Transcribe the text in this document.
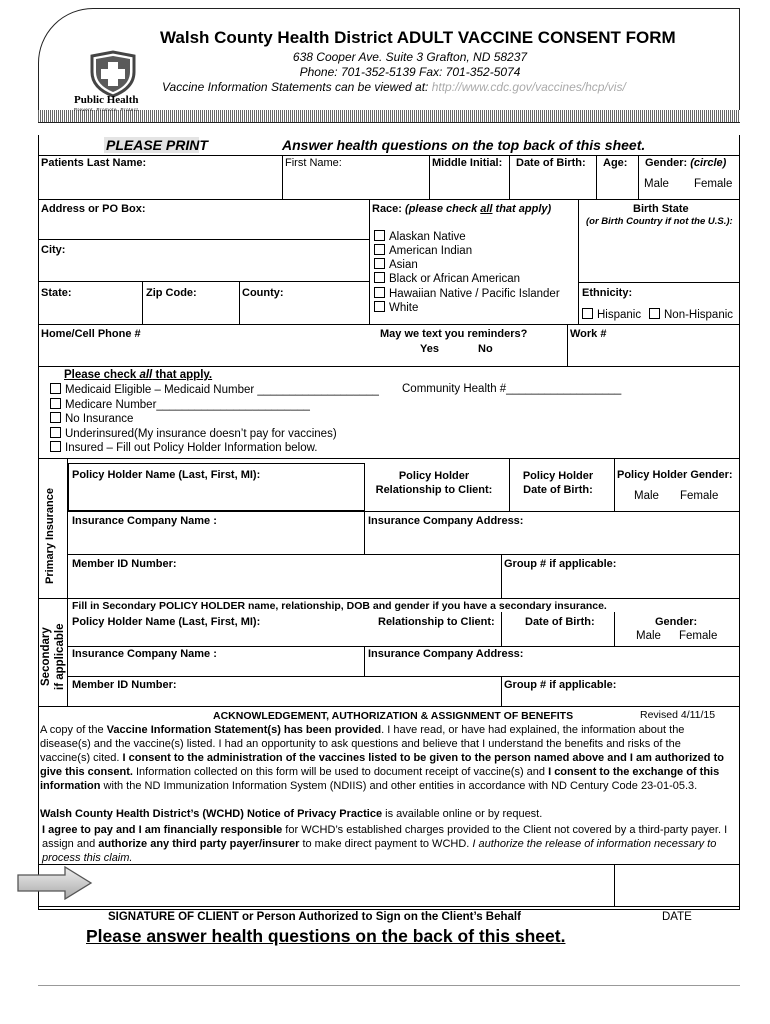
Public Health
Prevent. Promote. Protect.
Walsh County Health District ADULT VACCINE CONSENT FORM
638 Cooper Ave. Suite 3 Grafton, ND 58237
Phone: 701-352-5139 Fax: 701-352-5074
Vaccine Information Statements can be viewed at: http://www.cdc.gov/vaccines/hcp/vis/
PLEASE PRINT	Answer health questions on the top back of this sheet.
Patients Last Name:	First Name:	Middle Initial: Date of Birth: Age: Gender: (circle)
Male Female
Address or PO Box:
City:
State:	Zip Code:	County:
Race: (please check all that apply)
Alaskan Native
American Indian
Asian
Black or African American
Hawaiian Native / Pacific Islander
White
Birth State
(or Birth Country if not the U.S.):
Ethnicity:
Hispanic	Non-Hispanic
Home/Cell Phone #	May we text you reminders?
Yes	No
Work #
Please check all that apply.
Medicaid Eligible – Medicaid Number ___________________ Community Health #__________________
Medicare Number________________________
No Insurance
Underinsured(My insurance doesn’t pay for vaccines)
Insured – Fill out Policy Holder Information below.
Primary Insurance
Policy Holder Name (Last, First, MI):	Policy Holder Relationship to Client:
Policy Holder Date of Birth:
Policy Holder Gender:
Male Female
Insurance Company Name :	Insurance Company Address:
Member ID Number:	Group # if applicable:
Secondary if applicable
Fill in Secondary POLICY HOLDER name, relationship, DOB and gender if you have a secondary insurance.
Policy Holder Name (Last, First, MI):	Relationship to Client:	Date of Birth:	Gender:
Male Female
Insurance Company Name :	Insurance Company Address:
Member ID Number:	Group # if applicable:
ACKNOWLEDGEMENT, AUTHORIZATION & ASSIGNMENT OF BENEFITS	Revised 4/11/15
A copy of the Vaccine Information Statement(s) has been provided. I have read, or have had explained, the information about the disease(s) and the vaccine(s) listed. I had an opportunity to ask questions and believe that I understand the benefits and risks of the vaccine(s) cited. I consent to the administration of the vaccines listed to be given to the person named above and I am authorized to give this consent. Information collected on this form will be used to document receipt of vaccine(s) and I consent to the exchange of this information with the ND Immunization Information System (NDIIS) and other entities in accordance with ND Century Code 23-01-05.3.
Walsh County Health District’s (WCHD) Notice of Privacy Practice is available online or by request.
I agree to pay and I am financially responsible for WCHD’s established charges provided to the Client not covered by a third-party payer. I assign and authorize any third party payer/insurer to make direct payment to WCHD. I authorize the release of information necessary to process this claim.
SIGNATURE OF CLIENT or Person Authorized to Sign on the Client’s Behalf	DATE
Please answer health questions on the back of this sheet.
